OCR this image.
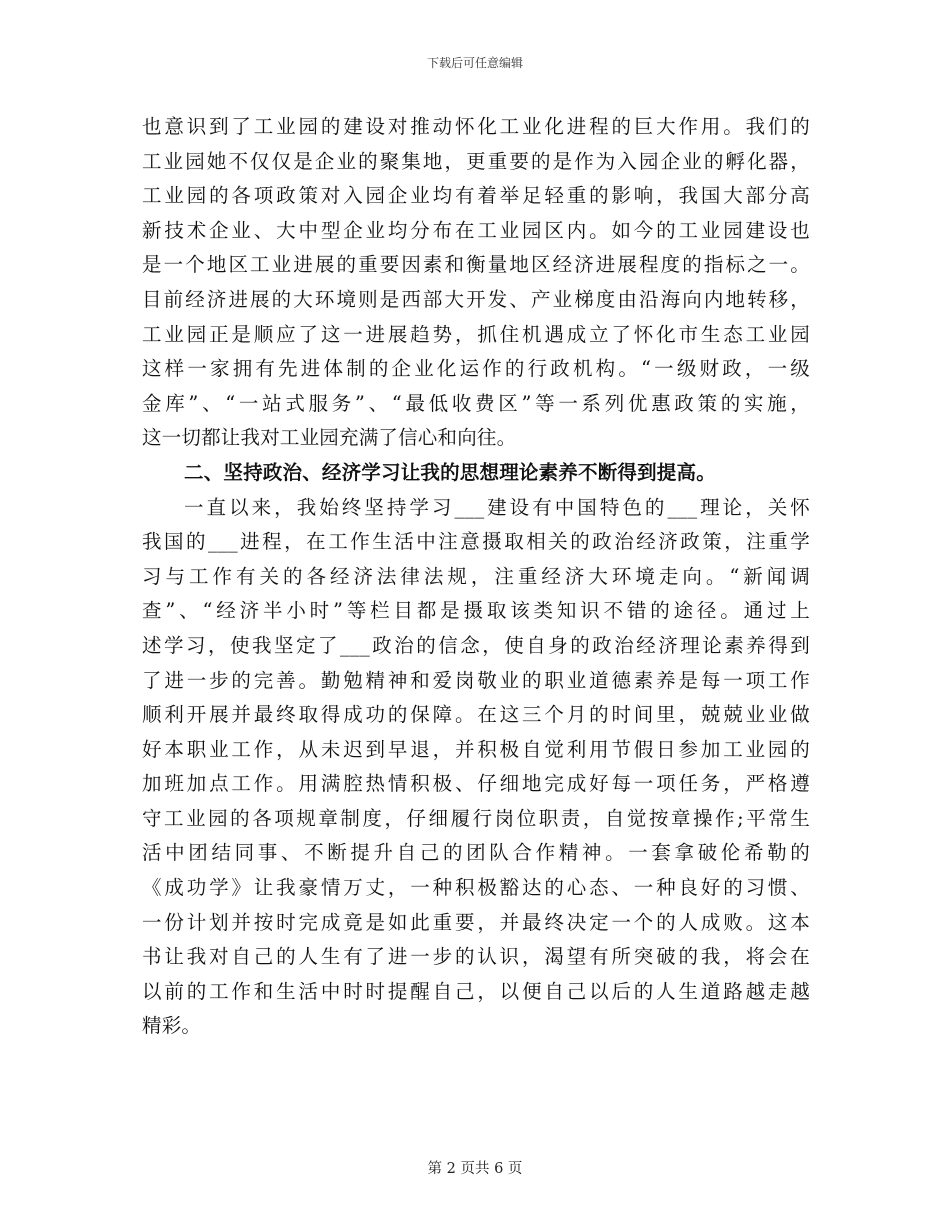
下载后可任意编辑
也意识到了工业园的建设对推动怀化工业化进程的巨大作用。我们的
工业园她不仅仅是企业的聚集地，更重要的是作为入园企业的孵化器，
工业园的各项政策对入园企业均有着举足轻重的影响，我国大部分高
新技术企业、大中型企业均分布在工业园区内。如今的工业园建设也
是一个地区工业进展的重要因素和衡量地区经济进展程度的指标之一。
目前经济进展的大环境则是西部大开发、产业梯度由沿海向内地转移，
工业园正是顺应了这一进展趋势，抓住机遇成立了怀化市生态工业园
这样一家拥有先进体制的企业化运作的行政机构。“一级财政，一级
金库”、“一站式服务”、“最低收费区”等一系列优惠政策的实施，
这一切都让我对工业园充满了信心和向往。
二、坚持政治、经济学习让我的思想理论素养不断得到提高。
一直以来，我始终坚持学习___建设有中国特色的___理论，关怀
我国的___进程，在工作生活中注意摄取相关的政治经济政策，注重学
习与工作有关的各经济法律法规，注重经济大环境走向。“新闻调
查”、“经济半小时”等栏目都是摄取该类知识不错的途径。通过上
述学习，使我坚定了___政治的信念，使自身的政治经济理论素养得到
了进一步的完善。勤勉精神和爱岗敬业的职业道德素养是每一项工作
顺利开展并最终取得成功的保障。在这三个月的时间里，兢兢业业做
好本职业工作，从未迟到早退，并积极自觉利用节假日参加工业园的
加班加点工作。用满腔热情积极、仔细地完成好每一项任务，严格遵
守工业园的各项规章制度，仔细履行岗位职责，自觉按章操作;平常生
活中团结同事、不断提升自己的团队合作精神。一套拿破伦希勒的
《成功学》让我豪情万丈，一种积极豁达的心态、一种良好的习惯、
一份计划并按时完成竟是如此重要，并最终决定一个的人成败。这本
书让我对自己的人生有了进一步的认识，渴望有所突破的我，将会在
以前的工作和生活中时时提醒自己，以便自己以后的人生道路越走越
精彩。
第 2 页共 6 页
